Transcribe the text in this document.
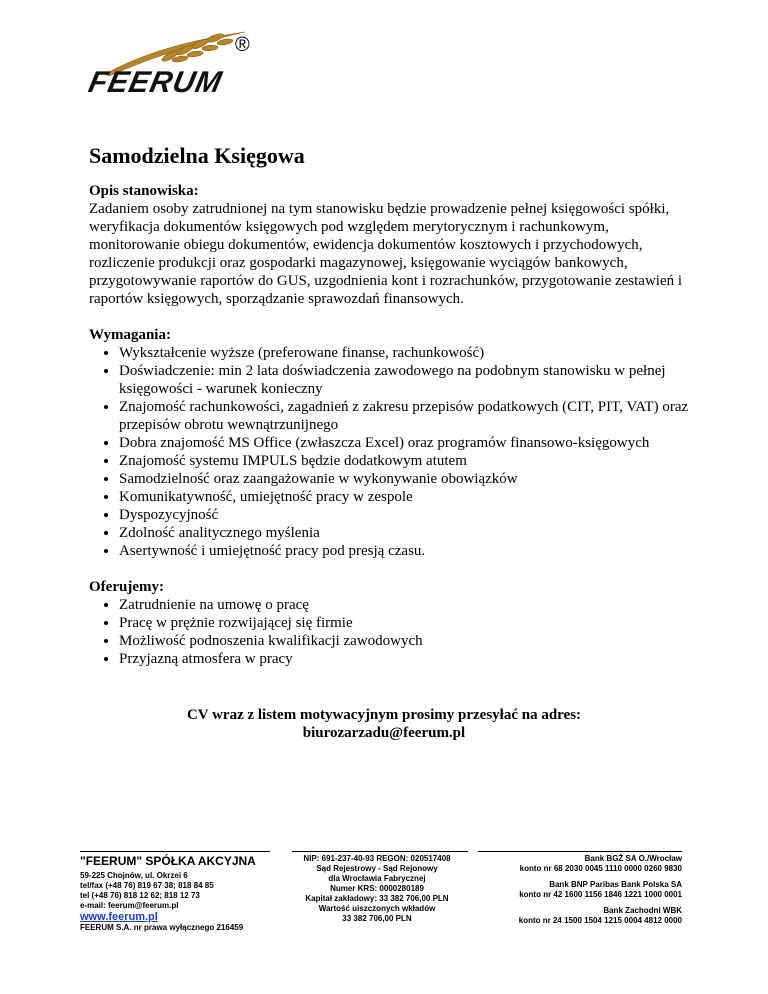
®
FEERUM
Samodzielna Księgowa
Opis stanowiska:

Zadaniem osoby zatrudnionej na tym stanowisku będzie prowadzenie pełnej księgowości spółki, weryfikacja dokumentów księgowych pod względem merytorycznym i rachunkowym, monitorowanie obiegu dokumentów, ewidencja dokumentów kosztowych i przychodowych, rozliczenie produkcji oraz gospodarki magazynowej, księgowanie wyciągów bankowych, przygotowywanie raportów do GUS, uzgodnienia kont i rozrachunków, przygotowanie zestawień i raportów księgowych, sporządzanie sprawozdań finansowych.

Wymagania:
• Wykształcenie wyższe (preferowane finanse, rachunkowość)
• Doświadczenie: min 2 lata doświadczenia zawodowego na podobnym stanowisku w pełnej księgowości - warunek konieczny
• Znajomość rachunkowości, zagadnień z zakresu przepisów podatkowych (CIT, PIT, VAT) oraz przepisów obrotu wewnątrzunijnego
• Dobra znajomość MS Office (zwłaszcza Excel) oraz programów finansowo-księgowych
• Znajomość systemu IMPULS będzie dodatkowym atutem
• Samodzielność oraz zaangażowanie w wykonywanie obowiązków
• Komunikatywność, umiejętność pracy w zespole
• Dyspozycyjność
• Zdolność analitycznego myślenia
• Asertywność i umiejętność pracy pod presją czasu.
Oferujemy:
• Zatrudnienie na umowę o pracę
• Pracę w prężnie rozwijającej się firmie
• Możliwość podnoszenia kwalifikacji zawodowych
• Przyjazną atmosfera w pracy
CV wraz z listem motywacyjnym prosimy przesyłać na adres:
biurozarzadu@feerum.pl
"FEERUM" SPÓŁKA AKCYJNA
59-225 Chojnów, ul. Okrzei 6
tel/fax (+48 76) 819 67 38; 818 84 85
tel (+48 76) 818 12 62; 818 12 73
e-mail: feerum@feerum.pl
www.feerum.pl
FEERUM S.A. nr prawa wyłącznego 216459
NIP: 691-237-40-93 REGON: 020517408
Sąd Rejestrowy - Sąd Rejonowy
dla Wrocławia Fabrycznej
Numer KRS: 0000280189
Kapitał zakładowy: 33 382 706,00 PLN
Wartość uiszczonych wkładów
33 382 706,00 PLN
Bank BGŻ SA O./Wrocław
konto nr 68 2030 0045 1110 0000 0260 9830
Bank BNP Paribas Bank Polska SA
konto nr 42 1600 1156 1846 1221 1000 0001
Bank Zachodni WBK
konto nr 24 1500 1504 1215 0004 4812 0000
